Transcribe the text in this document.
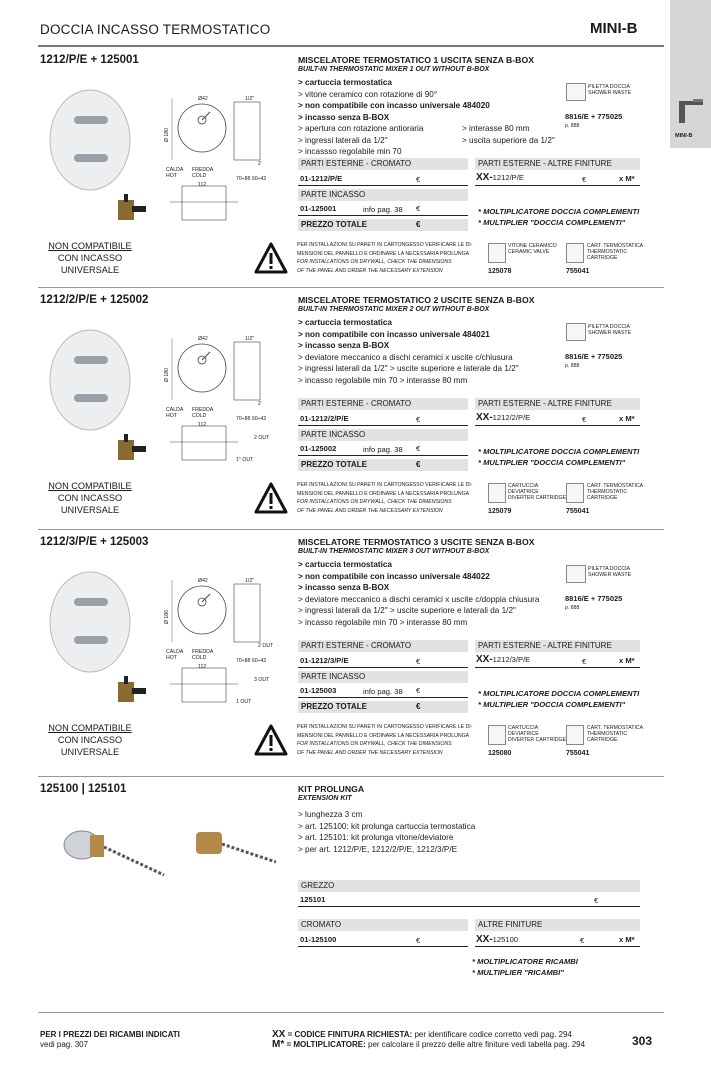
MINI-B
DOCCIA INCASSO TERMOSTATICO	MINI-B
1212/P/E + 125001	MISCELATORE TERMOSTATICO 1 USCITA SENZA B-BOX
BUILT-IN THERMOSTATIC MIXER 1 OUT WITHOUT B-BOX
> cartuccia termostatica
> vitone ceramico con rotazione di 90°
> non compatibile con incasso universale 484020
> incasso senza B-BOX
> apertura con rotazione antioraria
> ingressi laterali da 1/2"
> incassso regolabile min 70
> interasse 80 mm
> uscita superiore da 1/2"
PILETTA DOCCIA
SHOWER WASTE
8816/E + 775025
p. 888
PARTI ESTERNE - CROMATO
01-1212/P/E	€
PARTE INCASSO
01-125001	info pag. 38 €
PREZZO TOTALE	€
PARTI ESTERNE - ALTRE FINITURE
XX-1212/P/E	€	x M*
* MOLTIPLICATORE DOCCIA COMPLEMENTI
* MULTIPLIER "DOCCIA COMPLEMENTI"
NON COMPATIBILE
CON INCASSO
UNIVERSALE
PER INSTALLAZIONI SU PARETI IN CARTONGESSO VERIFICARE LE DI-
MENSIONI DEL PANNELLO E ORDINARE LA NECESSARIA PROLUNGA
FOR INSTALLATIONS ON DRYWALL, CHECK THE DIMENSIONS
OF THE PANEL AND ORDER THE NECESSARY EXTENSION
VITONE CERAMICO
CERAMIC VALVE
125078
CART. TERMOSTATICA
THERMOSTATIC
CARTRIDGE
755041
Ø42	1/2"
Ø 180
CALDA HOT
FREDDA COLD
112
70÷88 60÷42
2
1212/2/P/E + 125002	MISCELATORE TERMOSTATICO 2 USCITE SENZA B-BOX
BUILT-IN THERMOSTATIC MIXER 2 OUT WITHOUT B-BOX
> cartuccia termostatica
> non compatibile con incasso universale 484021
> incasso senza B-BOX
> deviatore meccanico a dischi ceramici x uscite c/chiusura
> ingressi laterali da 1/2" > uscite superiore e laterale da 1/2"
> incasso regolabile min 70 > interasse 80 mm
PILETTA DOCCIA
SHOWER WASTE
8816/E + 775025
p. 888
PARTI ESTERNE - CROMATO
01-1212/2/P/E	€
PARTE INCASSO
01-125002	info pag. 38 €
PREZZO TOTALE	€
PARTI ESTERNE - ALTRE FINITURE
XX-1212/2/P/E	€	x M*
* MOLTIPLICATORE DOCCIA COMPLEMENTI
* MULTIPLIER "DOCCIA COMPLEMENTI"
NON COMPATIBILE
CON INCASSO
UNIVERSALE
PER INSTALLAZIONI SU PARETI IN CARTONGESSO VERIFICARE LE DI-
MENSIONI DEL PANNELLO E ORDINARE LA NECESSARIA PROLUNGA
FOR INSTALLATIONS ON DRYWALL, CHECK THE DIMENSIONS
OF THE PANEL AND ORDER THE NECESSARY EXTENSION
CARTUCCIA
DEVIATRICE
DIVERTER CARTRIDGE
125079
CART. TERMOSTATICA
THERMOSTATIC
CARTRIDGE
755041
Ø42	1/2"
Ø 180
CALDA HOT
FREDDA COLD
112
70÷88 60÷42
2
2 OUT
1° OUT
1212/3/P/E + 125003	MISCELATORE TERMOSTATICO 3 USCITE SENZA B-BOX
BUILT-IN THERMOSTATIC MIXER 3 OUT WITHOUT B-BOX
> cartuccia termostatica
> non compatibile con incasso universale 484022
> incasso senza B-BOX
> deviatore meccanico a dischi ceramici x uscite c/doppia chiusura
> ingressi laterali da 1/2" > uscite superiore e laterali da 1/2"
> incasso regolabile min 70 > interasse 80 mm
PILETTA DOCCIA
SHOWER WASTE
8816/E + 775025
p. 888
PARTI ESTERNE - CROMATO
01-1212/3/P/E	€
PARTE INCASSO
01-125003	info pag. 38 €
PREZZO TOTALE	€
PARTI ESTERNE - ALTRE FINITURE
XX-1212/3/P/E	€	x M*
* MOLTIPLICATORE DOCCIA COMPLEMENTI
* MULTIPLIER "DOCCIA COMPLEMENTI"
NON COMPATIBILE
CON INCASSO
UNIVERSALE
PER INSTALLAZIONI SU PARETI IN CARTONGESSO VERIFICARE LE DI-
MENSIONI DEL PANNELLO E ORDINARE LA NECESSARIA PROLUNGA
FOR INSTALLATIONS ON DRYWALL, CHECK THE DIMENSIONS
OF THE PANEL AND ORDER THE NECESSARY EXTENSION
CARTUCCIA
DEVIATRICE
DIVERTER CARTRIDGE
125080
CART. TERMOSTATICA
THERMOSTATIC
CARTRIDGE
755041
Ø42	1/2"
Ø 180
CALDA HOT
FREDDA COLD
112
70÷88 60÷42
2 OUT
3 OUT
1 OUT
125100 | 125101	KIT PROLUNGA
EXTENSION KIT
> lunghezza 3 cm
> art. 125100: kit prolunga cartuccia termostatica
> art. 125101: kit prolunga vitone/deviatore
> per art. 1212/P/E, 1212/2/P/E, 1212/3/P/E
GREZZO
125101	€
CROMATO
01-125100	€
ALTRE FINITURE
XX-125100	€	x M*
* MOLTIPLICATORE RICAMBI
* MULTIPLIER "RICAMBI"
PER I PREZZI DEI RICAMBI INDICATI
vedi pag. 307
XX = CODICE FINITURA RICHIESTA: per identificare codice corretto vedi pag. 294
M* = MOLTIPLICATORE: per calcolare il prezzo delle altre finiture vedi tabella pag. 294	303
